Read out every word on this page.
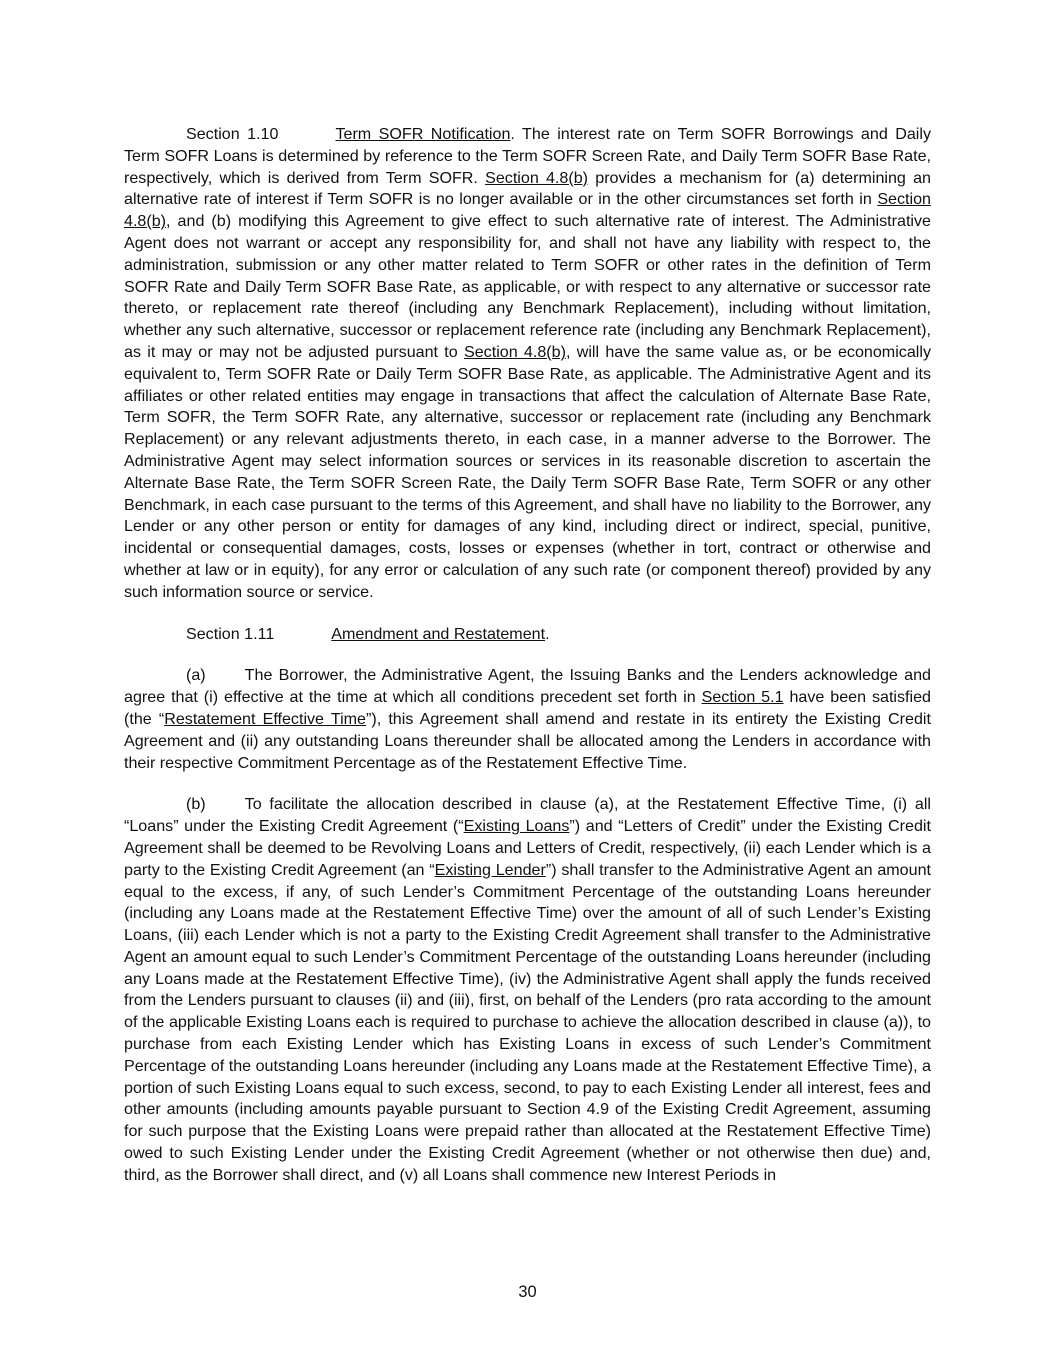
Section 1.10	Term SOFR Notification. The interest rate on Term SOFR Borrowings and Daily Term SOFR Loans is determined by reference to the Term SOFR Screen Rate, and Daily Term SOFR Base Rate, respectively, which is derived from Term SOFR. Section 4.8(b) provides a mechanism for (a) determining an alternative rate of interest if Term SOFR is no longer available or in the other circumstances set forth in Section 4.8(b), and (b) modifying this Agreement to give effect to such alternative rate of interest. The Administrative Agent does not warrant or accept any responsibility for, and shall not have any liability with respect to, the administration, submission or any other matter related to Term SOFR or other rates in the definition of Term SOFR Rate and Daily Term SOFR Base Rate, as applicable, or with respect to any alternative or successor rate thereto, or replacement rate thereof (including any Benchmark Replacement), including without limitation, whether any such alternative, successor or replacement reference rate (including any Benchmark Replacement), as it may or may not be adjusted pursuant to Section 4.8(b), will have the same value as, or be economically equivalent to, Term SOFR Rate or Daily Term SOFR Base Rate, as applicable. The Administrative Agent and its affiliates or other related entities may engage in transactions that affect the calculation of Alternate Base Rate, Term SOFR, the Term SOFR Rate, any alternative, successor or replacement rate (including any Benchmark Replacement) or any relevant adjustments thereto, in each case, in a manner adverse to the Borrower. The Administrative Agent may select information sources or services in its reasonable discretion to ascertain the Alternate Base Rate, the Term SOFR Screen Rate, the Daily Term SOFR Base Rate, Term SOFR or any other Benchmark, in each case pursuant to the terms of this Agreement, and shall have no liability to the Borrower, any Lender or any other person or entity for damages of any kind, including direct or indirect, special, punitive, incidental or consequential damages, costs, losses or expenses (whether in tort, contract or otherwise and whether at law or in equity), for any error or calculation of any such rate (or component thereof) provided by any such information source or service.

Section 1.11	Amendment and Restatement.

(a) The Borrower, the Administrative Agent, the Issuing Banks and the Lenders acknowledge and agree that (i) effective at the time at which all conditions precedent set forth in Section 5.1 have been satisfied (the “Restatement Effective Time”), this Agreement shall amend and restate in its entirety the Existing Credit Agreement and (ii) any outstanding Loans thereunder shall be allocated among the Lenders in accordance with their respective Commitment Percentage as of the Restatement Effective Time.

(b) To facilitate the allocation described in clause (a), at the Restatement Effective Time, (i) all “Loans” under the Existing Credit Agreement (“Existing Loans”) and “Letters of Credit” under the Existing Credit Agreement shall be deemed to be Revolving Loans and Letters of Credit, respectively, (ii) each Lender which is a party to the Existing Credit Agreement (an “Existing Lender”) shall transfer to the Administrative Agent an amount equal to the excess, if any, of such Lender’s Commitment Percentage of the outstanding Loans hereunder (including any Loans made at the Restatement Effective Time) over the amount of all of such Lender’s Existing Loans, (iii) each Lender which is not a party to the Existing Credit Agreement shall transfer to the Administrative Agent an amount equal to such Lender’s Commitment Percentage of the outstanding Loans hereunder (including any Loans made at the Restatement Effective Time), (iv) the Administrative Agent shall apply the funds received from the Lenders pursuant to clauses (ii) and (iii), first, on behalf of the Lenders (pro rata according to the amount of the applicable Existing Loans each is required to purchase to achieve the allocation described in clause (a)), to purchase from each Existing Lender which has Existing Loans in excess of such Lender’s Commitment Percentage of the outstanding Loans hereunder (including any Loans made at the Restatement Effective Time), a portion of such Existing Loans equal to such excess, second, to pay to each Existing Lender all interest, fees and other amounts (including amounts payable pursuant to Section 4.9 of the Existing Credit Agreement, assuming for such purpose that the Existing Loans were prepaid rather than allocated at the Restatement Effective Time) owed to such Existing Lender under the Existing Credit Agreement (whether or not otherwise then due) and, third, as the Borrower shall direct, and (v) all Loans shall commence new Interest Periods in

30
